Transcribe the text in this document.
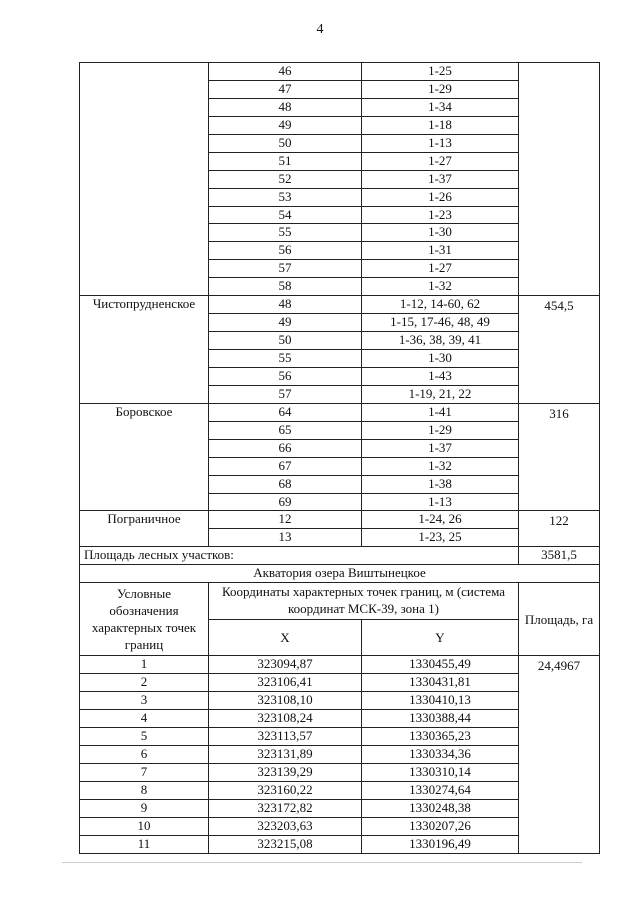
4
	46	1-25	
	47	1-29	
	48	1-34	
	49	1-18	
	50	1-13	
	51	1-27	
	52	1-37	
	53	1-26	
	54	1-23	
	55	1-30	
	56	1-31	
	57	1-27	
	58	1-32	
Чистопрудненское	48	1-12, 14-60, 62	454,5
	49	1-15, 17-46, 48, 49	
	50	1-36, 38, 39, 41	
	55	1-30	
	56	1-43	
	57	1-19, 21, 22	
Боровское	64	1-41	316
	65	1-29	
	66	1-37	
	67	1-32	
	68	1-38	
	69	1-13	
Пограничное	12	1-24, 26	122
	13	1-23, 25	
Площадь лесных участков:			3581,5
Акватория озера Виштынецкое			
Условные обозначения характерных точек границ	Координаты характерных точек границ, м (система координат МСК-39, зона 1)		Площадь, га
	X	Y	
1	323094,87	1330455,49	24,4967
2	323106,41	1330431,81	
3	323108,10	1330410,13	
4	323108,24	1330388,44	
5	323113,57	1330365,23	
6	323131,89	1330334,36	
7	323139,29	1330310,14	
8	323160,22	1330274,64	
9	323172,82	1330248,38	
10	323203,63	1330207,26	
11	323215,08	1330196,49	
